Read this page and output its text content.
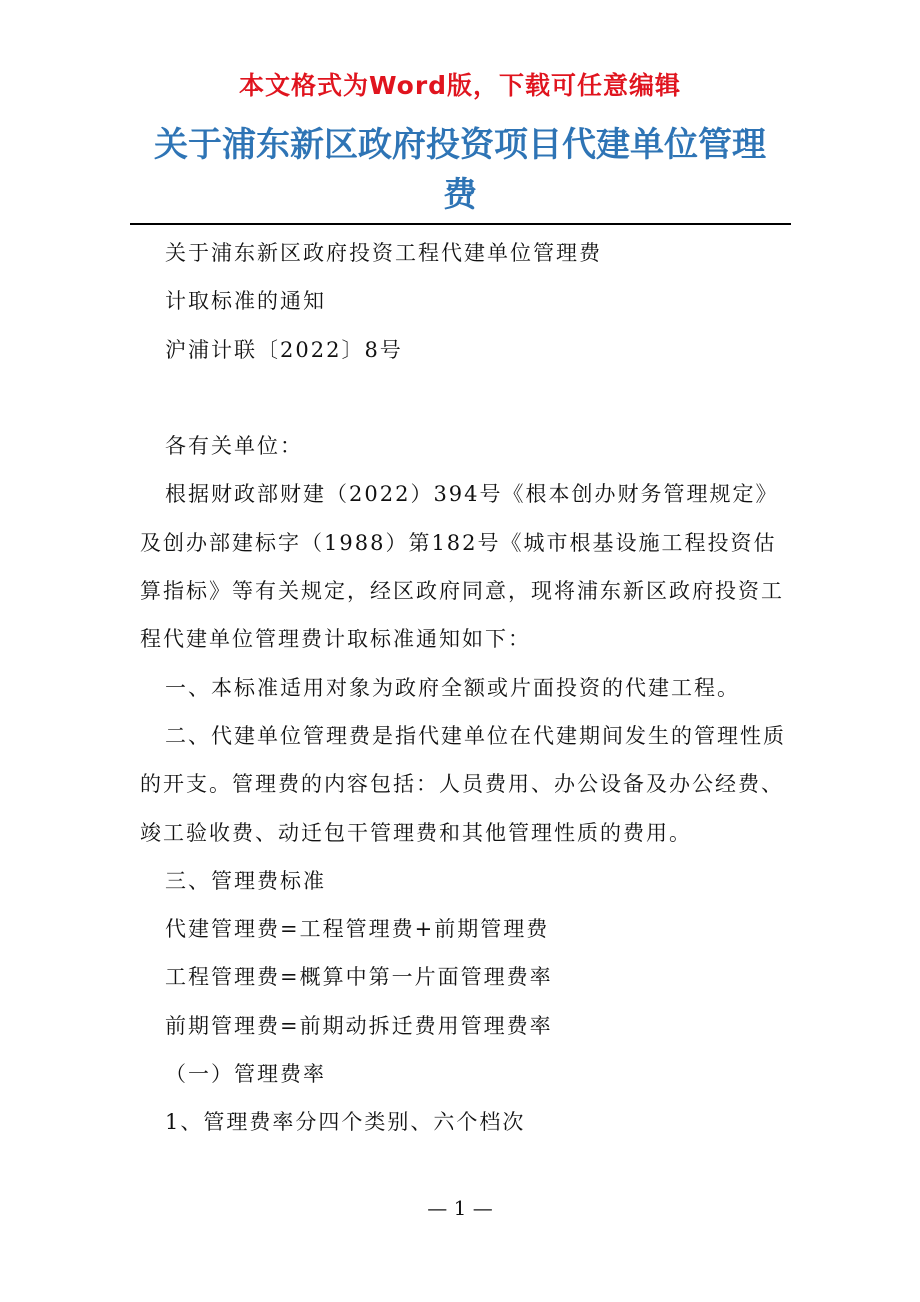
本文格式为Word版，下载可任意编辑
关于浦东新区政府投资项目代建单位管理
费

关于浦东新区政府投资工程代建单位管理费

计取标准的通知

沪浦计联〔2022〕8号

各有关单位：

根据财政部财建（2022）394号《根本创办财务管理规定》及创办部建标字（1988）第182号《城市根基设施工程投资估算指标》等有关规定，经区政府同意，现将浦东新区政府投资工程代建单位管理费计取标准通知如下：

一、本标准适用对象为政府全额或片面投资的代建工程。

二、代建单位管理费是指代建单位在代建期间发生的管理性质的开支。管理费的内容包括：人员费用、办公设备及办公经费、竣工验收费、动迁包干管理费和其他管理性质的费用。

三、管理费标准

代建管理费=工程管理费+前期管理费

工程管理费=概算中第一片面管理费率

前期管理费=前期动拆迁费用管理费率

（一）管理费率

1、管理费率分四个类别、六个档次

— 1 —
